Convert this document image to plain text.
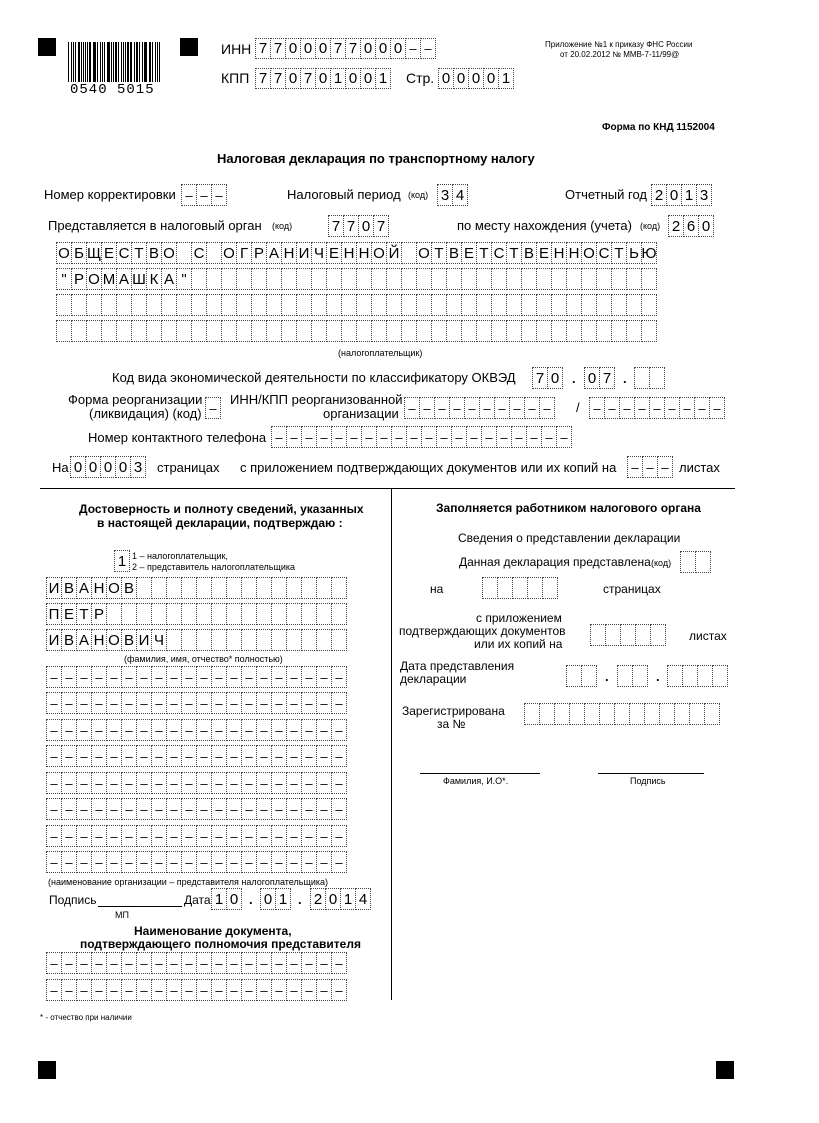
0540 5015
ИНН 7 7 0 0 0 7 7 0 0 0
–
–
КПП 7 7 0 7 0 1 0 0 1 Стр. 0 0 0 0 1
Приложение №1 к приказу ФНС России
от 20.02.2012 № ММВ-7-11/99@
Форма по КНД 1152004
Налоговая декларация по транспортному налогу
Номер корректировки – – –	Налоговый период (код) 3 4	Отчетный год 2 0 1 3
Представляется в налоговый орган (код)	7 7 0 7	по месту нахождения (учета) (код) 2 6 0
О Б Щ Е С Т В О С О Г Р А Н И Ч Е Н Н О Й О Т В Е Т С Т В Е Н Н О С Т Ь Ю
" Р О М А Ш К А "
(налогоплательщик)
Код вида экономической деятельности по классификатору ОКВЭД 7 0 . 0 7 .
Форма реорганизации
(ликвидация) (код)
–
ИНН/КПП реорганизованной
организации – – – – – – – – – –	/
–
–
–
–
–
–
–
–
–
Номер контактного телефона
–
–
–
–
–
–
–
–
–
–
–
–
–
–
–
–
–
–
–
–
На 0 0 0 0 3 страницах с приложением подтверждающих документов или их копий на – – –	листах
Достоверность и полноту сведений, указанных
в настоящей декларации, подтверждаю :
1 1 – налогоплательщик,
2 – представитель налогоплательщика
И В А Н О В
П Е Т Р
И В А Н О В И Ч
(фамилия, имя, отчество* полностью)
–
–
–
–
–
–
–
–
–
–
–
–
–
–
–
–
–
–
–
–
–
–
–
–
–
–
–
–
–
–
–
–
–
–
–
–
–
–
–
–
–
–
–
–
–
–
–
–
–
–
–
–
–
–
–
–
–
–
–
–
–
–
–
–
–
–
–
–
–
–
–
–
–
–
–
–
–
–
–
–
–
–
–
–
–
–
–
–
–
–
–
–
–
–
–
–
–
–
–
–
–
–
–
–
–
–
–
–
–
–
–
–
–
–
–
–
–
–
–
–
–
–
–
–
–
–
–
–
–
–
–
–
–
–
–
–
–
–
–
–
–
–
–
–
–
–
–
–
–
–
–
–
–
–
–
–
–
–
–
–
(наименование организации – представителя налогоплательщика)
Подпись
МП
Дата 1 0 . 0 1 . 2 0 1 4
Наименование документа,
подтверждающего полномочия представителя
–
–
–
–
–
–
–
–
–
–
–
–
–
–
–
–
–
–
–
–
–
–
–
–
–
–
–
–
–
–
–
–
–
–
–
–
–
–
–
–
Заполняется работником налогового органа
Сведения о представлении декларации
Данная декларация представлена (код)
на	страницах
с приложением
подтверждающих документов
или их копий на
листах
Дата представления
декларации	.	.
Зарегистрирована
за №
Фамилия, И.О*.	Подпись
* - отчество при наличии
